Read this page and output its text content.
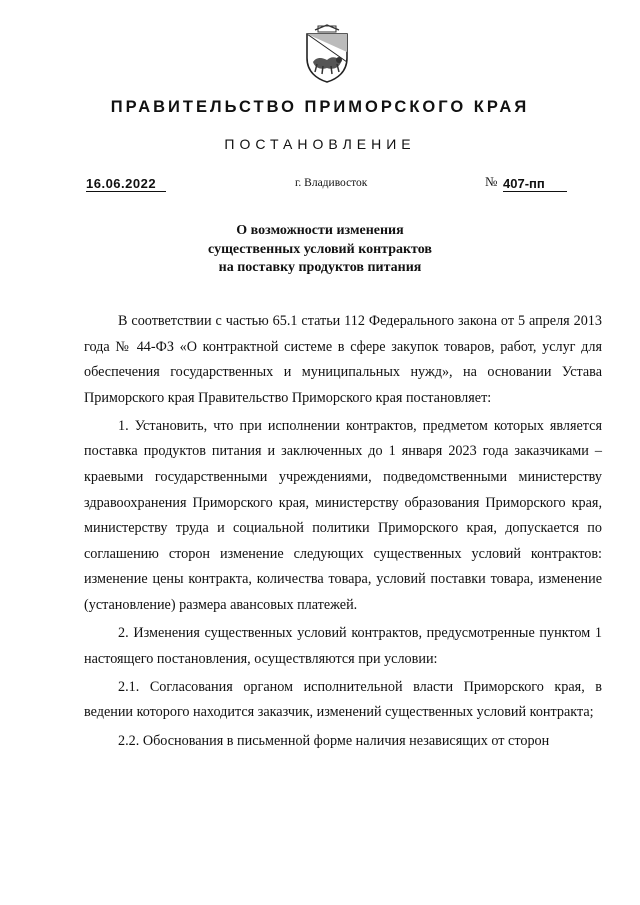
ПРАВИТЕЛЬСТВО ПРИМОРСКОГО КРАЯ
ПОСТАНОВЛЕНИЕ
16.06.2022	г. Владивосток	№ 407-пп
О возможности изменения
существенных условий контрактов
на поставку продуктов питания

В соответствии с частью 65.1 статьи 112 Федерального закона от 5 апреля 2013 года № 44-ФЗ «О контрактной системе в сфере закупок товаров, работ, услуг для обеспечения государственных и муниципальных нужд», на основании Устава Приморского края Правительство Приморского края постановляет:

1. Установить, что при исполнении контрактов, предметом которых является поставка продуктов питания и заключенных до 1 января 2023 года заказчиками – краевыми государственными учреждениями, подведомственными министерству здравоохранения Приморского края, министерству образования Приморского края, министерству труда и социальной политики Приморского края, допускается по соглашению сторон изменение следующих существенных условий контрактов: изменение цены контракта, количества товара, условий поставки товара, изменение (установление) размера авансовых платежей.

2. Изменения существенных условий контрактов, предусмотренные пунктом 1 настоящего постановления, осуществляются при условии:

2.1. Согласования органом исполнительной власти Приморского края, в ведении которого находится заказчик, изменений существенных условий контракта;

2.2. Обоснования в письменной форме наличия независящих от сторон
